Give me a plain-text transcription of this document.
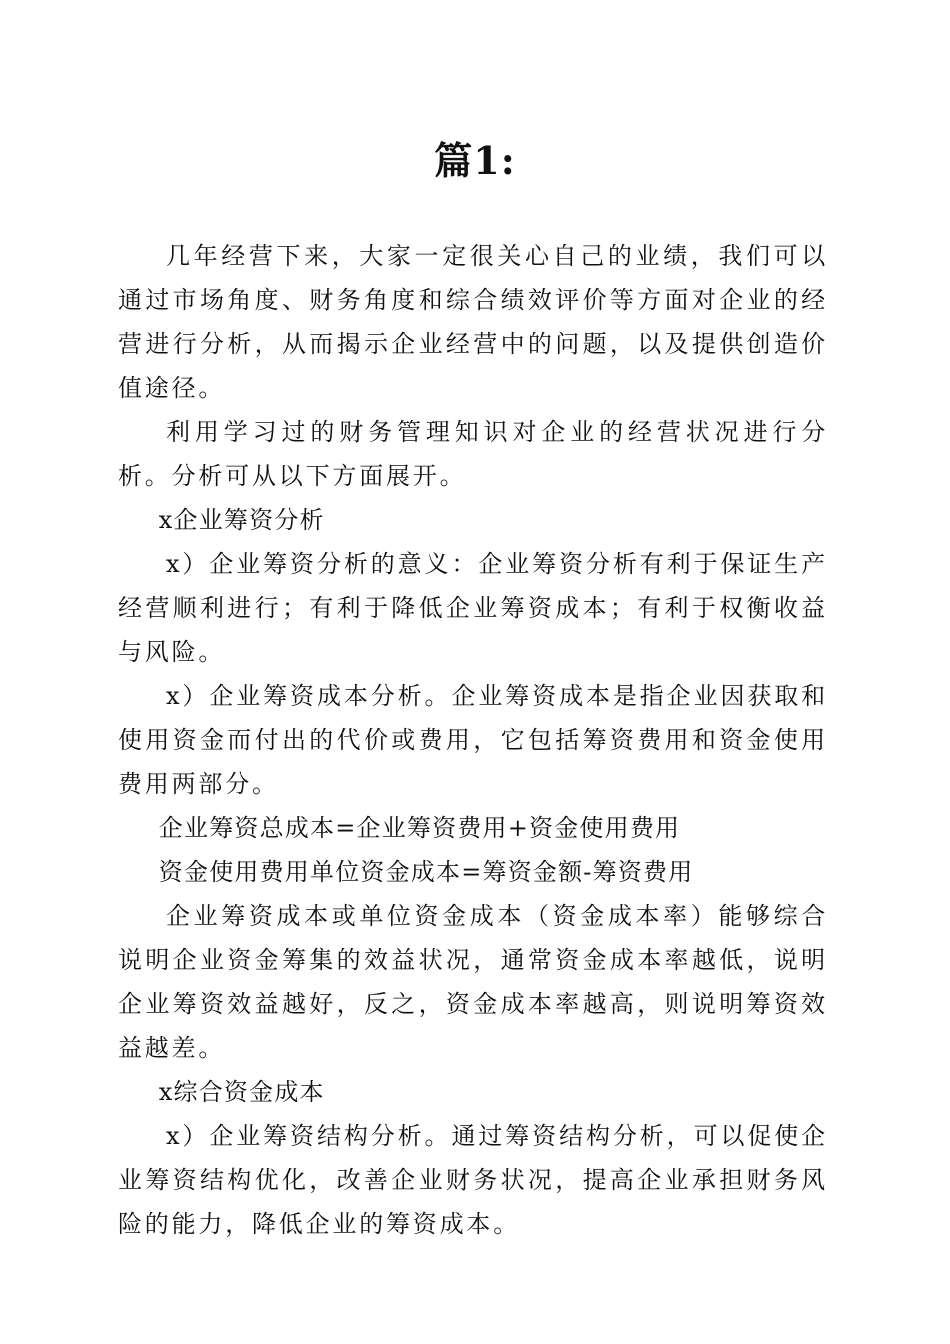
篇1:

几年经营下来，大家一定很关心自己的业绩，我们可以通过市场角度、财务角度和综合绩效评价等方面对企业的经营进行分析，从而揭示企业经营中的问题，以及提供创造价值途径。

利用学习过的财务管理知识对企业的经营状况进行分析。分析可从以下方面展开。

x企业筹资分析

x）企业筹资分析的意义：企业筹资分析有利于保证生产经营顺利进行；有利于降低企业筹资成本；有利于权衡收益与风险。

x）企业筹资成本分析。企业筹资成本是指企业因获取和使用资金而付出的代价或费用，它包括筹资费用和资金使用费用两部分。

企业筹资总成本=企业筹资费用+资金使用费用

资金使用费用单位资金成本=筹资金额-筹资费用

企业筹资成本或单位资金成本（资金成本率）能够综合说明企业资金筹集的效益状况，通常资金成本率越低，说明企业筹资效益越好，反之，资金成本率越高，则说明筹资效益越差。

x综合资金成本

x）企业筹资结构分析。通过筹资结构分析，可以促使企业筹资结构优化，改善企业财务状况，提高企业承担财务风险的能力，降低企业的筹资成本。
